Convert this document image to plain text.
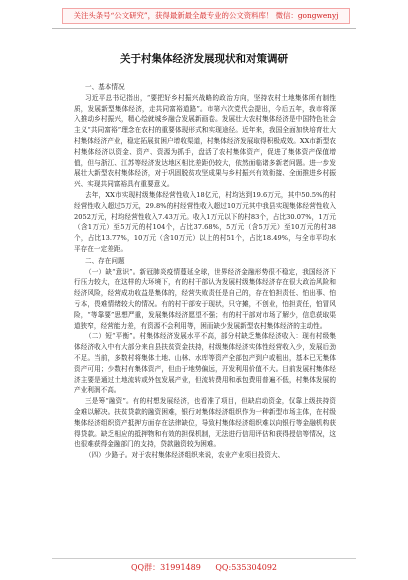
关注头条号“公文研究”，获得最新最全最专业的公文资料库！ 微信：gongwenyj
关于村集体经济发展现状和对策调研

一、基本情况

习近平总书记指出，“要把好乡村振兴战略的政治方向，坚持农村土地集体所有制性质，发展新型集体经济，走共同富裕道路”。市第六次党代会提出，今后五年，我市将深入推动乡村振兴，精心绘就城乡融合发展新画卷。发展壮大农村集体经济是中国特色社会主义“共同富裕”理念在农村的重要体现形式和实现途径。近年来，我国全面加快培育壮大村集体经济产业，稳定拓展贫困户增收渠道，村集体经济发展取得积极成效。XX市新型农村集体经济以资金、资产、资源为抓手，盘活了农村集体资产，促进了集体资产保值增值，但与浙江、江苏等经济发达地区相比差距仍较大，依然面临诸多新老问题。进一步发展壮大新型农村集体经济，对于巩固脱贫攻坚成果与乡村振兴有效衔接、全面推进乡村振兴、实现共同富裕具有重要意义。

去年，XX市实现村级集体经营性收入18亿元，村均达到19.6万元，其中50.5%的村经营性收入超过5万元，29.8%的村经营性收入超过10万元其中我县实现集体经营性收入2052万元，村均经营性收入7.43万元。收入1万元以下的村83个，占比30.07%，1万元（含1万元）至5万元的村104个，占比37.68%，5万元（含5万元）至10万元的村38个，占比13.77%，10万元（含10万元）以上的村51个，占比18.49%，与全市平均水平存在一定差距。

二、存在问题

（一）缺“意识”。新冠肺炎疫情蔓延全球，世界经济金融形势很不稳定，我国经济下行压力较大，在这样的大环境下，有的村干部认为发展村级集体经济存在很大政治风险和经济风险，经营成功收益是集体的，经营失败责任是自己的，存在怕担责任、怕出事、怕亏本，畏难情绪较大的情况。有的村干部安于现状，只守摊，不创业，怕担责任，怕冒风险，“等靠要”思想严重，发展集体经济愿望不强；有的村干部对市场了解少，信息获取渠道狭窄，经营能力差，有资源不会利用等，困而缺少发展新型农村集体经济的主动性。

（二）短“平衡”。村集体经济发展水平不高，部分村缺乏集体经济收入：现有村级集体经济收入中有大部分来自县扶贫资金扶持，村级集体经济实体性经营收入少，发展后劲不足。当前，多数村将集体土地、山林、水库等资产全部包产到户或租出，基本已无集体资产可用；少数村有集体资产，但由于地势偏远，开发利用价值不大。目前发展村集体经济主要是通过土地流转或外包发展产业，但流转费用和承包费用普遍不低，村集体发展的产业利润不高。

三是筹“融资”。有的村想发展经济，也看准了项目，但缺启动资金，仅靠上级扶持资金难以解决。扶贫贷款的融资困难，银行对集体经济组织作为一种新型市场主体，在村级集体经济组织资产抵押方面存在法律缺位，导致村集体经济组织难以向银行等金融机构获得贷款。缺乏相应的抵押物和有效的担保机制，无法进行信用评估和获得授信等情况，这也很难获得金融部门的支持，贷款融资较为困难。

（四）少路子。对于农村集体经济组织来说，农业产业项目投资大、

QQ群：31991489 QQ:535304092
